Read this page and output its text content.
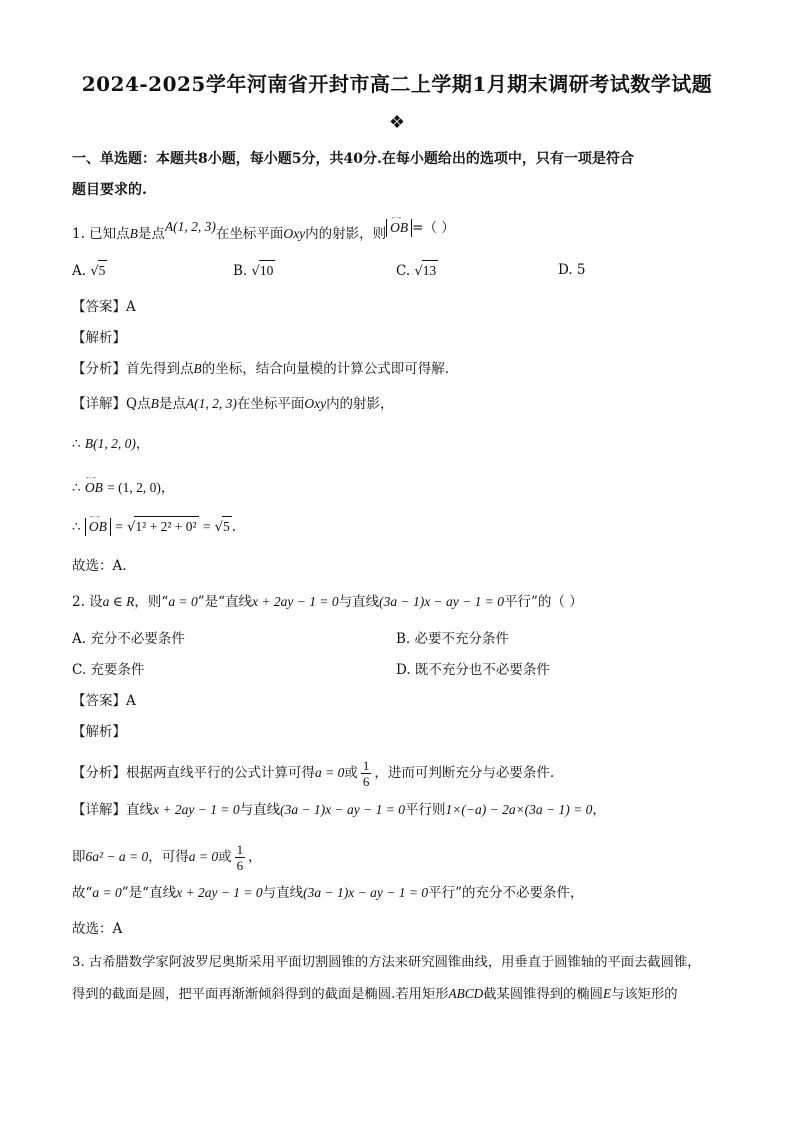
2024-2025学年河南省开封市高二上学期1月期末调研考试数学试题
❖
一、单选题：本题共8小题，每小题5分，共40分.在每小题给出的选项中，只有一项是符合
题目要求的.
1. 已知点B是点A(1, 2, 3)在坐标平面Oxy内的射影，则 ←→ OB =（ ）
A. √5	B. √10	C. √13	D. 5
【答案】A
【解析】
【分析】首先得到点B的坐标，结合向量模的计算公式即可得解.
【详解】Q点B是点A(1, 2, 3)在坐标平面Oxy内的射影，
∴ B(1, 2, 0)，
∴ ←→ OB = (1, 2, 0)，
∴ ←→ OB = √1² + 2² + 0² = √5 .
故选：A.
2. 设a ∈ R，则“a = 0”是“直线x + 2ay − 1 = 0与直线(3a − 1)x − ay − 1 = 0平行”的（ ）
A. 充分不必要条件	B. 必要不充分条件
C. 充要条件	D. 既不充分也不必要条件
【答案】A
【解析】
【分析】根据两直线平行的公式计算可得a = 0或 $\frac{1}{6}$ ，进而可判断充分与必要条件.
【详解】直线x + 2ay − 1 = 0与直线(3a − 1)x − ay − 1 = 0平行则1×(−a) − 2a×(3a − 1) = 0，
即6a² − a = 0，可得a = 0或 $\frac{1}{6}$ ，
故“a = 0”是“直线x + 2ay − 1 = 0与直线(3a − 1)x − ay − 1 = 0平行”的充分不必要条件，
故选：A
3. 古希腊数学家阿波罗尼奥斯采用平面切割圆锥的方法来研究圆锥曲线，用垂直于圆锥轴的平面去截圆锥，
得到的截面是圆，把平面再渐渐倾斜得到的截面是椭圆.若用矩形ABCD截某圆锥得到的椭圆E与该矩形的
